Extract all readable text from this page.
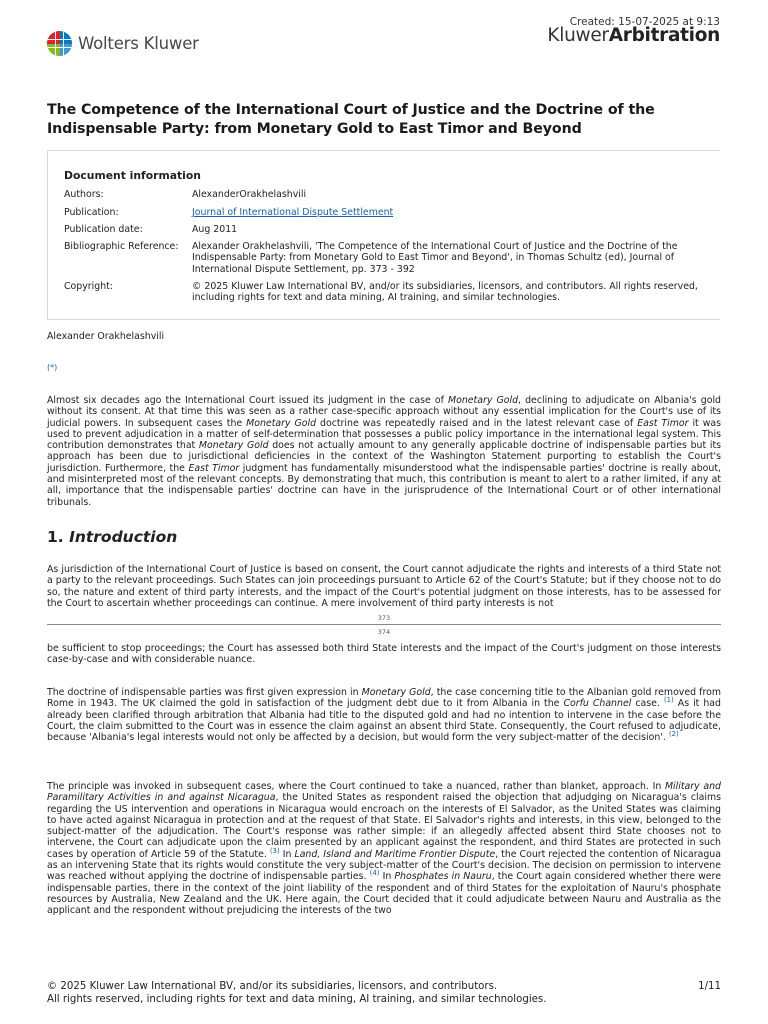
Wolters Kluwer
Created: 15-07-2025 at 9:13
KluwerArbitration
The Competence of the International Court of Justice and the Doctrine of the Indispensable Party: from Monetary Gold to East Timor and Beyond
Document information
Authors:	AlexanderOrakhelashvili
Publication:	Journal of International Dispute Settlement
Publication date:	Aug 2011
Bibliographic Reference:	Alexander Orakhelashvili, 'The Competence of the International Court of Justice and the Doctrine of the Indispensable Party: from Monetary Gold to East Timor and Beyond', in Thomas Schultz (ed), Journal of International Dispute Settlement, pp. 373 - 392
Copyright:	© 2025 Kluwer Law International BV, and/or its subsidiaries, licensors, and contributors. All rights reserved, including rights for text and data mining, AI training, and similar technologies.
Alexander Orakhelashvili
(*)

Almost six decades ago the International Court issued its judgment in the case of Monetary Gold, declining to adjudicate on Albania's gold without its consent. At that time this was seen as a rather case-specific approach without any essential implication for the Court's use of its judicial powers. In subsequent cases the Monetary Gold doctrine was repeatedly raised and in the latest relevant case of East Timor it was used to prevent adjudication in a matter of self-determination that possesses a public policy importance in the international legal system. This contribution demonstrates that Monetary Gold does not actually amount to any generally applicable doctrine of indispensable parties but its approach has been due to jurisdictional deficiencies in the context of the Washington Statement purporting to establish the Court's jurisdiction. Furthermore, the East Timor judgment has fundamentally misunderstood what the indispensable parties' doctrine is really about, and misinterpreted most of the relevant concepts. By demonstrating that much, this contribution is meant to alert to a rather limited, if any at all, importance that the indispensable parties' doctrine can have in the jurisprudence of the International Court or of other international tribunals.

1. Introduction

As jurisdiction of the International Court of Justice is based on consent, the Court cannot adjudicate the rights and interests of a third State not a party to the relevant proceedings. Such States can join proceedings pursuant to Article 62 of the Court's Statute; but if they choose not to do so, the nature and extent of third party interests, and the impact of the Court's potential judgment on those interests, has to be assessed for the Court to ascertain whether proceedings can continue. A mere involvement of third party interests is not

373
374

be sufficient to stop proceedings; the Court has assessed both third State interests and the impact of the Court's judgment on those interests case-by-case and with considerable nuance.

The doctrine of indispensable parties was first given expression in Monetary Gold, the case concerning title to the Albanian gold removed from Rome in 1943. The UK claimed the gold in satisfaction of the judgment debt due to it from Albania in the Corfu Channel case. $^{(1)}$ As it had already been clarified through arbitration that Albania had title to the disputed gold and had no intention to intervene in the case before the Court, the claim submitted to the Court was in essence the claim against an absent third State. Consequently, the Court refused to adjudicate, because 'Albania's legal interests would not only be affected by a decision, but would form the very subject-matter of the decision'. $^{(2)}$

The principle was invoked in subsequent cases, where the Court continued to take a nuanced, rather than blanket, approach. In Military and Paramilitary Activities in and against Nicaragua, the United States as respondent raised the objection that adjudging on Nicaragua's claims regarding the US intervention and operations in Nicaragua would encroach on the interests of El Salvador, as the United States was claiming to have acted against Nicaragua in protection and at the request of that State. El Salvador's rights and interests, in this view, belonged to the subject-matter of the adjudication. The Court's response was rather simple: if an allegedly affected absent third State chooses not to intervene, the Court can adjudicate upon the claim presented by an applicant against the respondent, and third States are protected in such cases by operation of Article 59 of the Statute. $^{(3)}$ In Land, Island and Maritime Frontier Dispute, the Court rejected the contention of Nicaragua as an intervening State that its rights would constitute the very subject-matter of the Court's decision. The decision on permission to intervene was reached without applying the doctrine of indispensable parties. $^{(4)}$ In Phosphates in Nauru, the Court again considered whether there were indispensable parties, there in the context of the joint liability of the respondent and of third States for the exploitation of Nauru's phosphate resources by Australia, New Zealand and the UK. Here again, the Court decided that it could adjudicate between Nauru and Australia as the applicant and the respondent without prejudicing the interests of the two

© 2025 Kluwer Law International BV, and/or its subsidiaries, licensors, and contributors.
All rights reserved, including rights for text and data mining, AI training, and similar technologies.
1/11
